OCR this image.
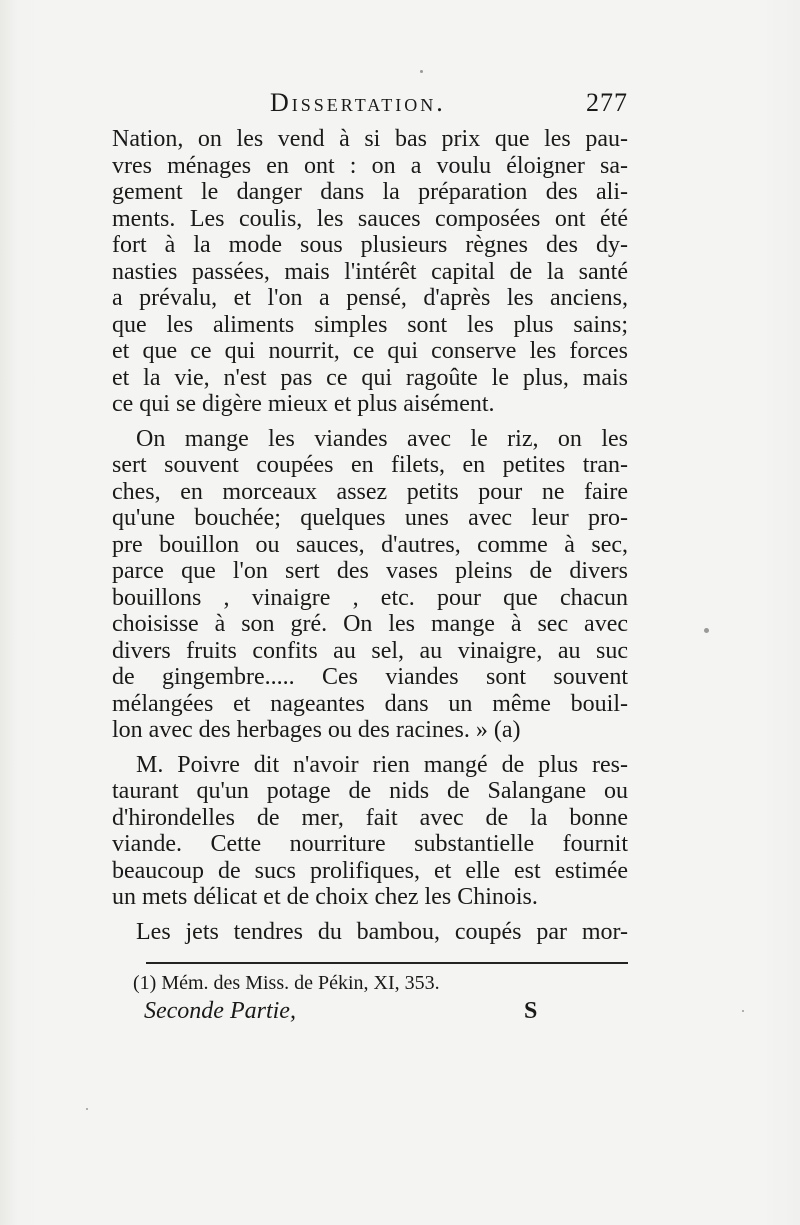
Dissertation.	277

Nation, on les vend à si bas prix que les pau-
vres ménages en ont : on a voulu éloigner sa-
gement le danger dans la préparation des ali-
ments. Les coulis, les sauces composées ont été
fort à la mode sous plusieurs règnes des dy-
nasties passées, mais l'intérêt capital de la santé
a prévalu, et l'on a pensé, d'après les anciens,
que les aliments simples sont les plus sains;
et que ce qui nourrit, ce qui conserve les forces
et la vie, n'est pas ce qui ragoûte le plus, mais
ce qui se digère mieux et plus aisément.

On mange les viandes avec le riz, on les
sert souvent coupées en filets, en petites tran-
ches, en morceaux assez petits pour ne faire
qu'une bouchée; quelques unes avec leur pro-
pre bouillon ou sauces, d'autres, comme à sec,
parce que l'on sert des vases pleins de divers
bouillons , vinaigre , etc. pour que chacun
choisisse à son gré. On les mange à sec avec
divers fruits confits au sel, au vinaigre, au suc
de gingembre..... Ces viandes sont souvent
mélangées et nageantes dans un même bouil-
lon avec des herbages ou des racines. » (a)

M. Poivre dit n'avoir rien mangé de plus res-
taurant qu'un potage de nids de Salangane ou
d'hirondelles de mer, fait avec de la bonne
viande. Cette nourriture substantielle fournit
beaucoup de sucs prolifiques, et elle est estimée
un mets délicat et de choix chez les Chinois.

Les jets tendres du bambou, coupés par mor-

(1) Mém. des Miss. de Pékin, XI, 353.
Seconde Partie,	S
